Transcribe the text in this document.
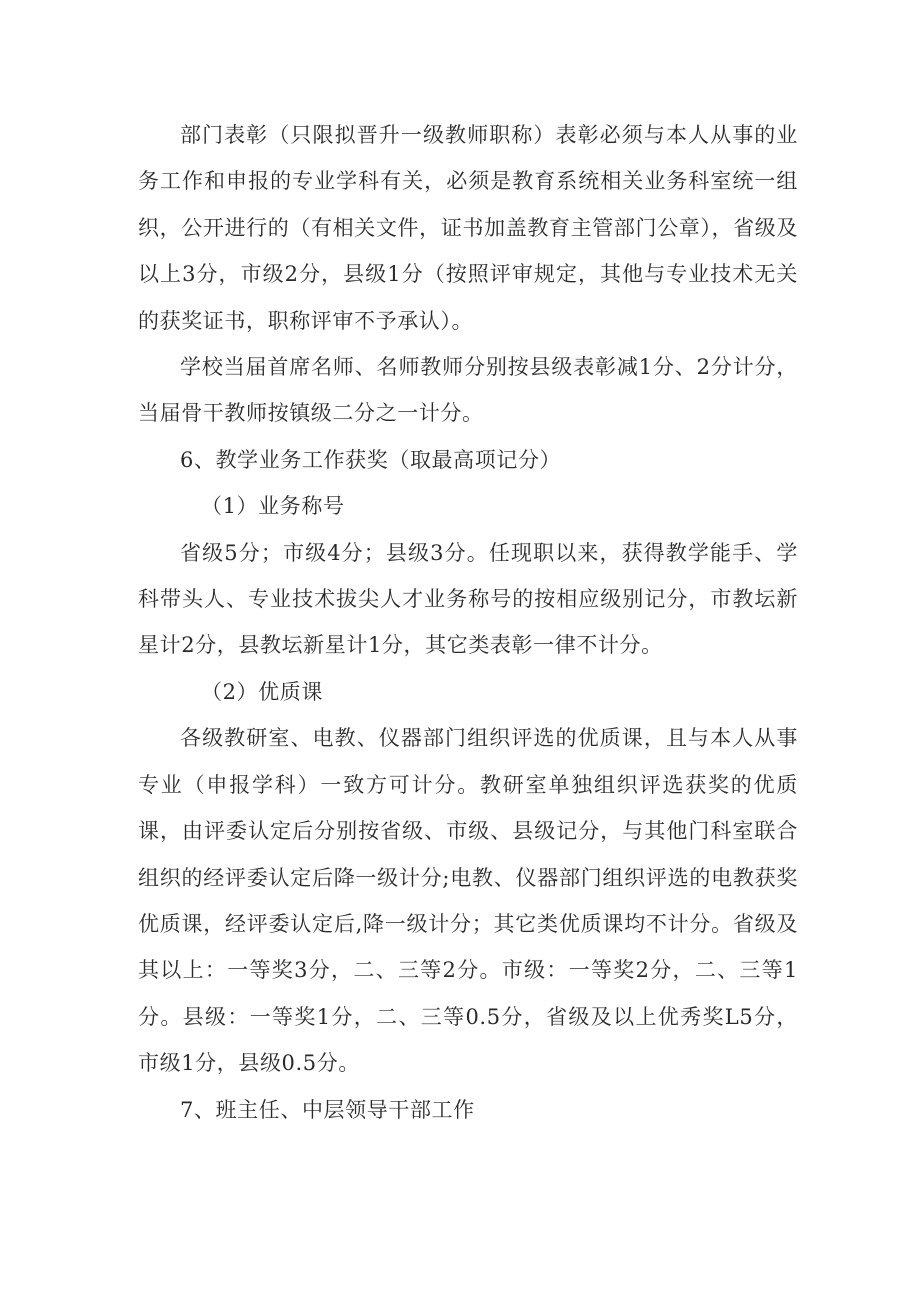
部门表彰（只限拟晋升一级教师职称）表彰必须与本人从事的业务工作和申报的专业学科有关，必须是教育系统相关业务科室统一组织，公开进行的（有相关文件，证书加盖教育主管部门公章），省级及以上3分，市级2分，县级1分（按照评审规定，其他与专业技术无关的获奖证书，职称评审不予承认）。

学校当届首席名师、名师教师分别按县级表彰减1分、2分计分，当届骨干教师按镇级二分之一计分。

6、教学业务工作获奖（取最高项记分）

（1）业务称号

省级5分；市级4分；县级3分。任现职以来，获得教学能手、学科带头人、专业技术拔尖人才业务称号的按相应级别记分，市教坛新星计2分，县教坛新星计1分，其它类表彰一律不计分。

（2）优质课

各级教研室、电教、仪器部门组织评选的优质课，且与本人从事专业（申报学科）一致方可计分。教研室单独组织评选获奖的优质课，由评委认定后分别按省级、市级、县级记分，与其他门科室联合组织的经评委认定后降一级计分;电教、仪器部门组织评选的电教获奖优质课，经评委认定后,降一级计分；其它类优质课均不计分。省级及其以上：一等奖3分，二、三等2分。市级：一等奖2分，二、三等1分。县级：一等奖1分，二、三等0.5分，省级及以上优秀奖L5分，市级1分，县级0.5分。

7、班主任、中层领导干部工作
